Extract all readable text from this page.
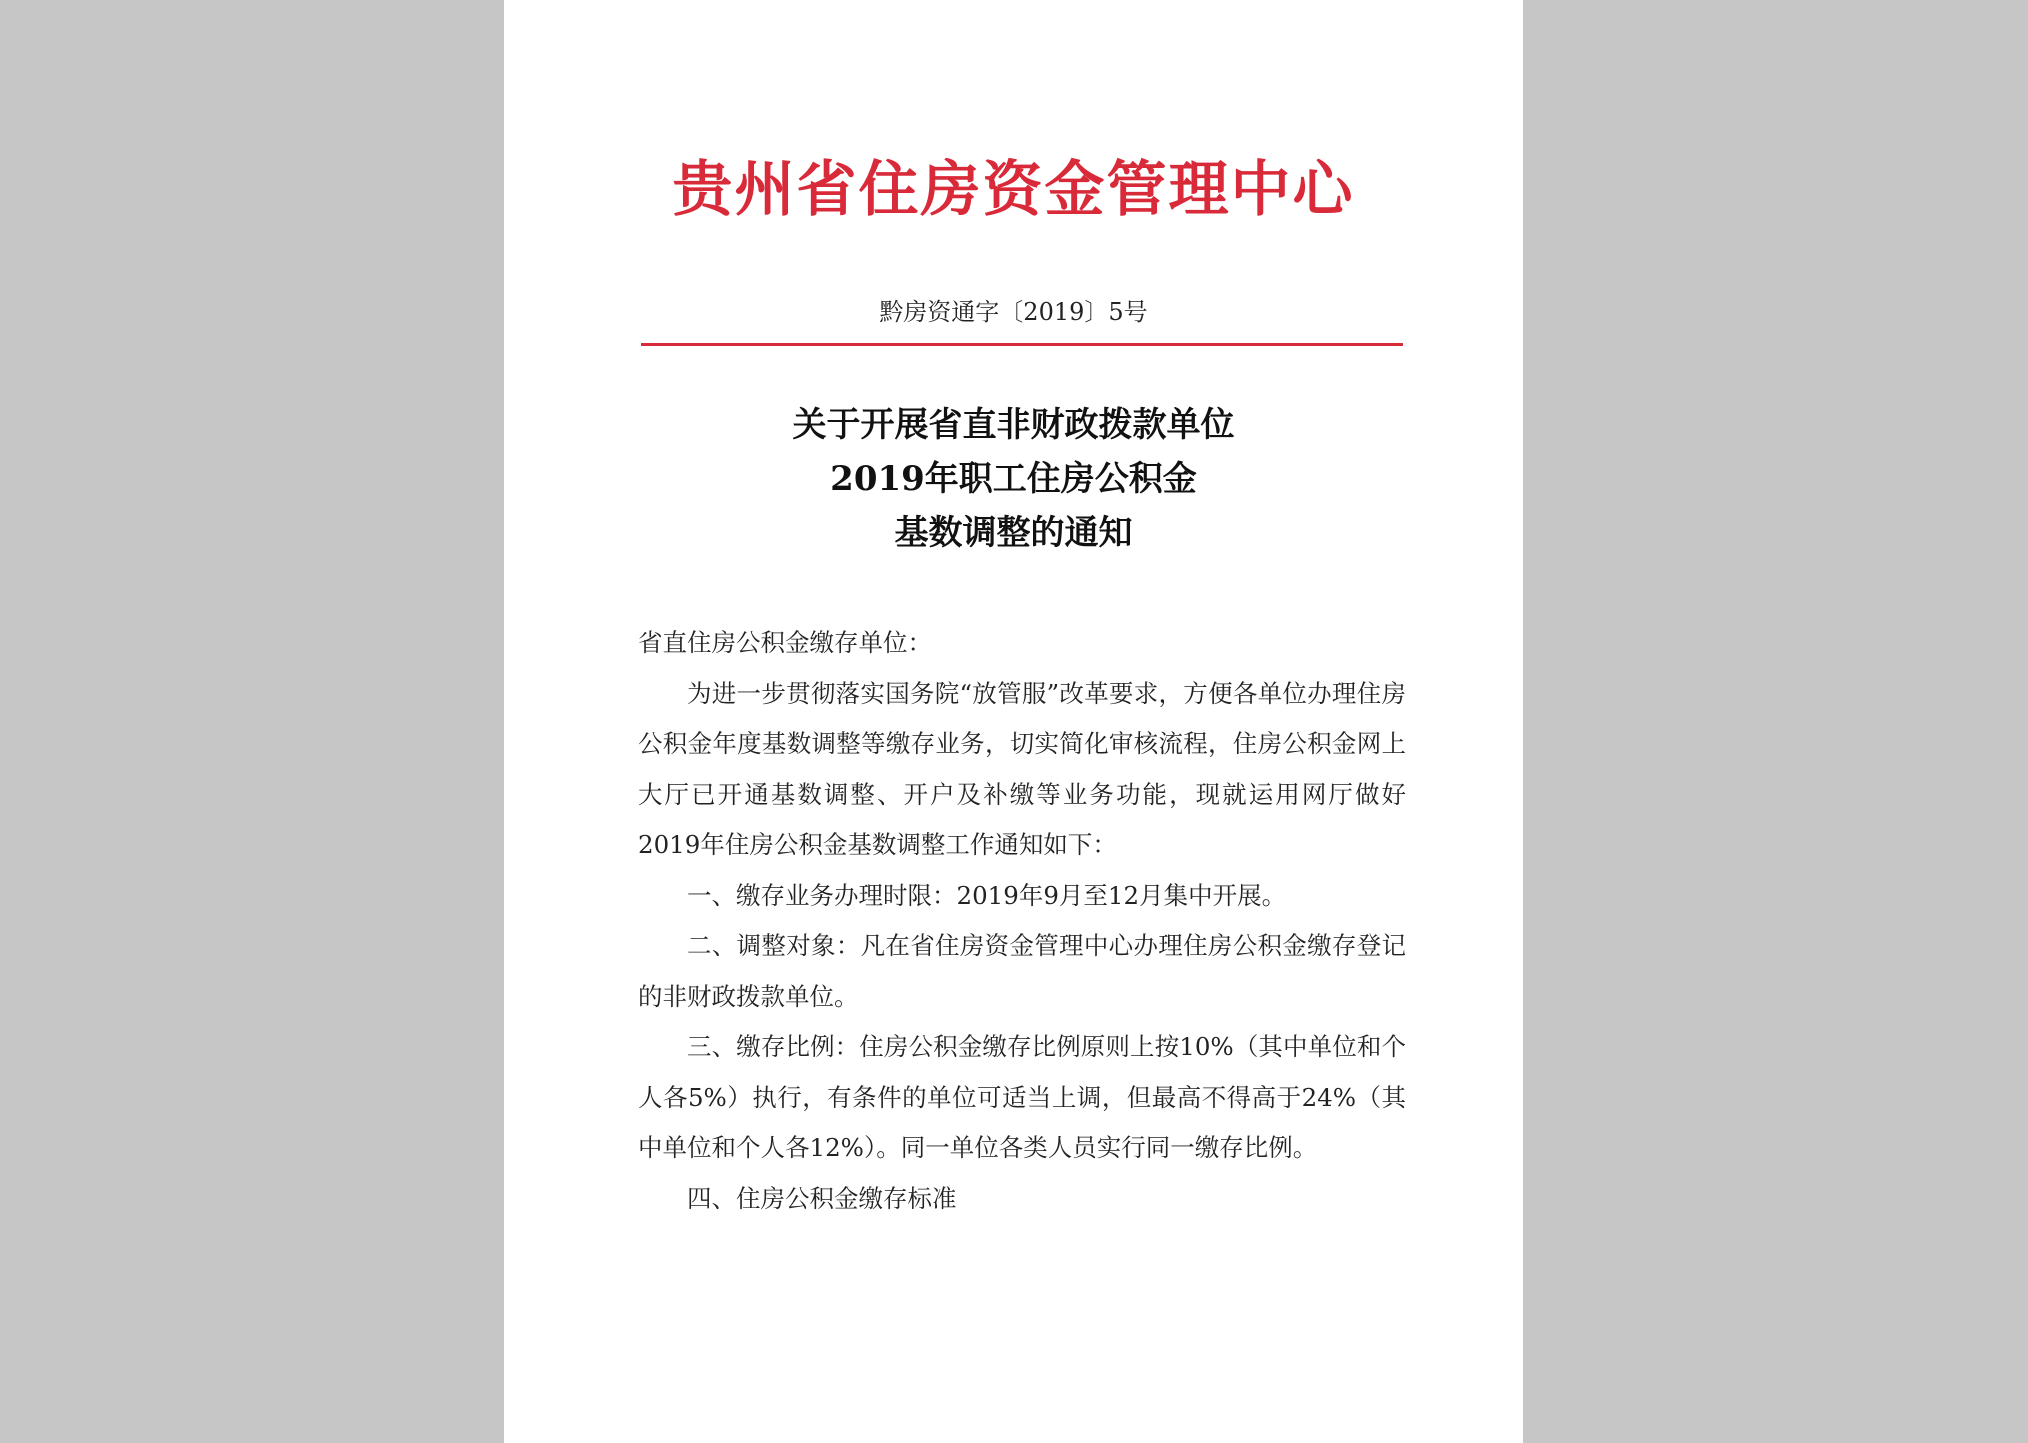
贵州省住房资金管理中心
黔房资通字〔2019〕5号
关于开展省直非财政拨款单位
2019年职工住房公积金
基数调整的通知

省直住房公积金缴存单位：

为进一步贯彻落实国务院“放管服”改革要求，方便各单位办理住房公积金年度基数调整等缴存业务，切实简化审核流程，住房公积金网上大厅已开通基数调整、开户及补缴等业务功能，现就运用网厅做好2019年住房公积金基数调整工作通知如下：

一、缴存业务办理时限：2019年9月至12月集中开展。

二、调整对象：凡在省住房资金管理中心办理住房公积金缴存登记的非财政拨款单位。

三、缴存比例：住房公积金缴存比例原则上按10%（其中单位和个人各5%）执行，有条件的单位可适当上调，但最高不得高于24%（其中单位和个人各12%）。同一单位各类人员实行同一缴存比例。

四、住房公积金缴存标准
